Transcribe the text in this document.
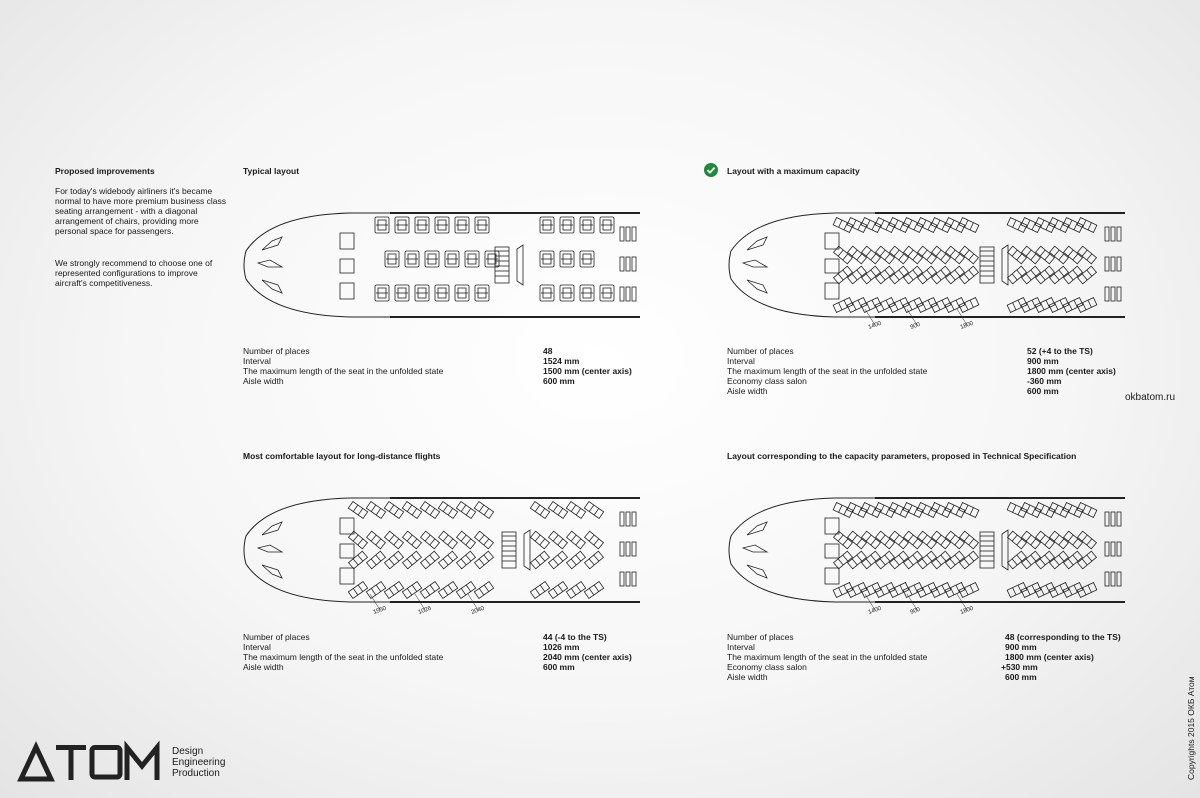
Proposed improvements
For today's widebody airliners it's became normal to have more premium business class seating arrangement - with a diagonal arrangement of chairs, providing more personal space for passengers.
We strongly recommend to choose one of represented configurations to improve aircraft's competitiveness.
Typical layout
Number of places	48
Interval	1524 mm
The maximum length of the seat in the unfolded state	1500 mm (center axis)
Aisle width	600 mm
Layout with a maximum capacity
1400	900	1800
Number of places	52 (+4 to the TS)
Interval	900 mm
The maximum length of the seat in the unfolded state	1800 mm (center axis)
Economy class salon	-360 mm
Aisle width	600 mm
okbatom.ru
Most comfortable layout for long-distance flights
1550	1026	2040
Number of places	44 (-4 to the TS)
Interval	1026 mm
The maximum length of the seat in the unfolded state	2040 mm (center axis)
Aisle width	600 mm
Layout corresponding to the capacity parameters, proposed in Technical Specification
1400	900	1800
Number of places	48 (corresponding to the TS)
Interval	900 mm
The maximum length of the seat in the unfolded state	1800 mm (center axis)
Economy class salon	+530 mm
Aisle width	600 mm	Copyrights 2015 ОКБ Атом
Design
Engineering
Production
